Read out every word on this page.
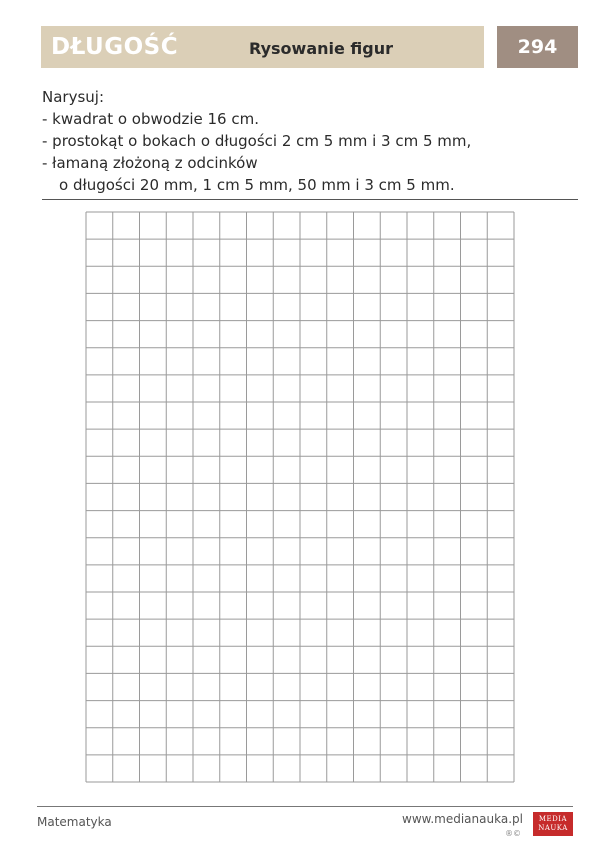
DŁUGOŚĆ	Rysowanie figur	294
Narysuj:
- kwadrat o obwodzie 16 cm.
- prostokąt o bokach o długości 2 cm 5 mm i 3 cm 5 mm,
- łamaną złożoną z odcinków
o długości 20 mm, 1 cm 5 mm, 50 mm i 3 cm 5 mm.
Matematyka	www.medianauka.pl
®©
MEDIA
NAUKA
